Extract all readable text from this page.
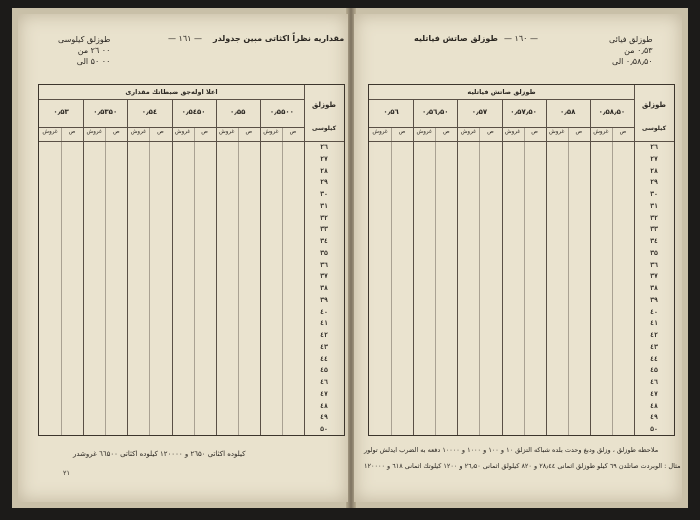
طوزلق كيلوسى
۰۰ ۲٦ من
۰۰ ۵۰ الى
— ۱٦۱ — مقداریه نظراً اكثاتى مبين جدولدر
اعلا اوله‌جق ضبطاتك مقدارى
طوزلق
كيلوسى
۰٫۵۵۰۰
غروش	ص
۰٫۵۵
غروش	ص
۰٫۵٤۵۰
غروش	ص
۰٫۵٤
غروش	ص
۰٫۵۳۵۰
غروش	ص
۰٫۵۳
غروش	ص
۲٦
۲۷
۲۸
۲۹
۳۰
۳۱
۳۲
۳۳
۳٤
۳۵
۳٦
۳۷
۳۸
۳۹
٤۰
٤۱
٤۲
٤۳
٤٤
٤۵
٤٦
٤۷
٤۸
٤۹
۵۰
كيلوده اكثاتى ۲٦۵۰ و ۱۲۰۰۰۰ كيلوده اكثاتى ٦٦۵۰۰ غروشدر
۲۱
طوزلق صاتش فیاتلیه — ۱٦۰ —	طوزلق فيائى
۰٫۵۳ من
۰٫۵۸٫۵۰ الى
طوزلق صاتش فیاتلیه
طوزلق
كيلوسى
۰٫۵۸٫۵۰
غروش	ص
۰٫۵۸
غروش	ص
۰٫۵۷٫۵۰
غروش	ص
۰٫۵۷
غروش	ص
۰٫۵٦٫۵۰
غروش	ص
۰٫۵٦
غروش	ص
۲٦
۲۷
۲۸
۲۹
۳۰
۳۱
۳۲
۳۳
۳٤
۳۵
۳٦
۳۷
۳۸
۳۹
٤۰
٤۱
٤۲
٤۳
٤٤
٤۵
٤٦
٤۷
٤۸
٤۹
۵۰
ملاحظه طوزلق ، وزلق ودبغ وحدت بلده شباكه التزلق ۱۰ و ۱۰۰ و ۱۰۰۰ و ۱۰۰۰۰ دفعه به الضرب ایدلش تولور
مثال : الوبردت صاتلدن ٦٩ كيلو طوزلق اثمانى ۲۸٫٤٤ و ۸۲۰ كيلولق اثمانى ۲٦٫۵۰ و ۱۲۰۰ كيلوتك اثمانى ٦۱۸ و ۱۲۰۰۰۰
